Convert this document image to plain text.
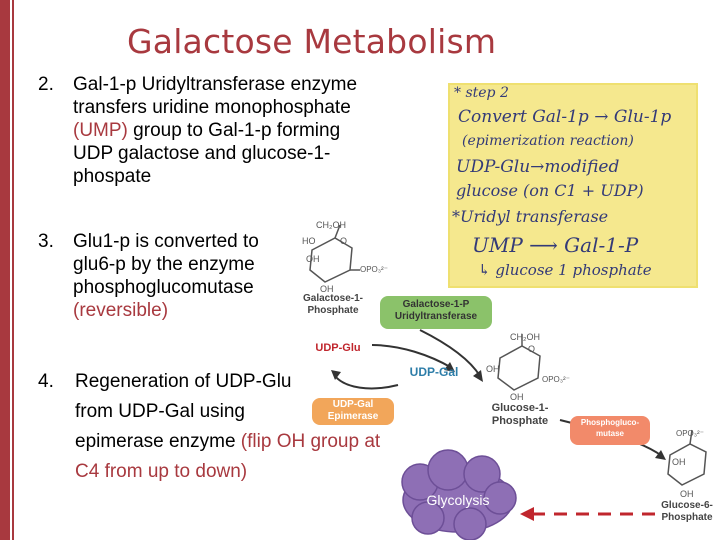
Galactose Metabolism
2. Gal-1-p Uridyltransferase enzyme
transfers uridine monophosphate
(UMP) group to Gal-1-p forming
UDP galactose and glucose-1-
phospate
3. Glu1-p is converted to
glu6-p by the enzyme
phosphoglucomutase
(reversible)
4. Regeneration of UDP-Glu
from UDP-Gal using
epimerase enzyme (flip OH group at
C4 from up to down)
* step 2
Convert Gal-1p → Glu-1p
(epimerization reaction)
UDP-Glu→modified
glucose (on C1 + UDP)
*Uridyl transferase
UMP ⟶ Gal-1-P
↳ glucose 1 phosphate
CH₂OH
HO
OH
O
OPO₃²⁻
OH
CH₂OH
O
OH
OH
OPO₃²⁻
OPO₃²⁻
OH
OH
Galactose-1-
Phosphate
Galactose-1-P
Uridyltransferase
UDP-Glu
UDP-Gal
UDP-Gal
Epimerase
Glucose-1-
Phosphate	Phosphogluco-
mutase
Glucose-6-
Phosphate
Glycolysis
